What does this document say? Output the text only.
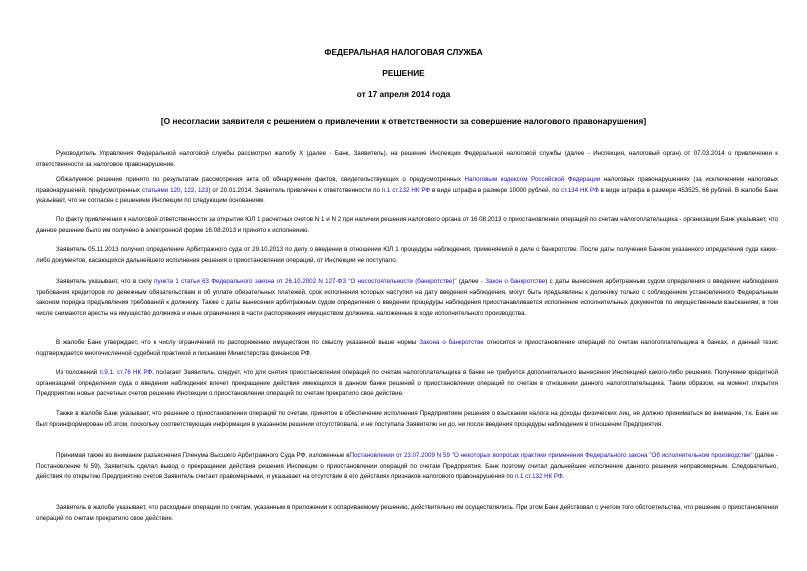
ФЕДЕРАЛЬНАЯ НАЛОГОВАЯ СЛУЖБА
РЕШЕНИЕ
от 17 апреля 2014 года
[О несогласии заявителя с решением о привлечении к ответственности за совершение налогового правонарушения]

Руководитель Управления Федеральной налоговой службы рассмотрел жалобу Х (далее - Банк, Заявитель), на решение Инспекции Федеральной налоговой службы (далее - Инспекция, налоговый орган) от 07.03.2014 о привлечении к ответственности за налоговое правонарушение.

Обжалуемое решение принято по результатам рассмотрения акта об обнаружении фактов, свидетельствующих о предусмотренных Налоговым кодексом Российской Федерации налоговых правонарушениях (за исключением налоговых правонарушений, предусмотренных статьями 120, 122, 123) от 20.01.2014. Заявитель привлечен к ответственности по п.1 ст.132 НК РФ в виде штрафа в размере 10000 рублей, по ст.134 НК РФ в виде штрафа в размере 453525, 66 рублей. В жалобе Банк указывает, что не согласен с решением Инспекции по следующим основаниям.

По факту привлечения к налоговой ответственности за открытие ЮЛ 1 расчетных счетов N 1 и N 2 при наличии решения налогового органа от 16.08.2013 о приостановлении операций по счетам налогоплательщика - организации Банк указывает, что данное решение было им получено в электронной форме 16.08.2013 и принято к исполнению.

Заявитель 05.11.2013 получил определение Арбитражного суда от 29.10.2013 по делу о введении в отношении ЮЛ 1 процедуры наблюдения, применяемой в деле о банкротстве. После даты получения Банком указанного определения суда каких-либо документов, касающихся дальнейшего исполнения решения о приостановлении операций, от Инспекции не поступало.

Заявитель указывает, что в силу пункта 1 статьи 63 Федерального закона от 26.10.2002 N 127-ФЗ "О несостоятельности (банкротстве)" (далее - Закон о банкротстве) с даты вынесения арбитражным судом определения о введении наблюдения требования кредиторов по денежным обязательствам и об уплате обязательных платежей, срок исполнения которых наступил на дату введения наблюдения, могут быть предъявлены к должнику только с соблюдением установленного Федеральным законом порядка предъявления требований к должнику. Также с даты вынесения арбитражным судом определения о введении процедуры наблюдения приостанавливается исполнение исполнительных документов по имущественным взысканиям, в том числе снимаются аресты на имущество должника и иные ограничения в части распоряжения имуществом должника, наложенные в ходе исполнительного производства.

В жалобе Банк утверждает, что к числу ограничений по распоряжению имуществом по смыслу указанной выше нормы Закона о банкротстве относится и приостановление операций по счетам налогоплательщика в банках, и данный тезис подтверждается многочисленной судебной практикой и письмами Министерства финансов РФ.

Из положений п.9.1. ст.76 НК РФ, полагает Заявитель, следует, что для снятия приостановления операций по счетам налогоплательщика в банке не требуется дополнительного вынесения Инспекцией какого-либо решения. Получение кредитной организацией определения суда о введении наблюдения влечет прекращение действия имеющихся в данном банке решений о приостановлении операций по счетам в отношении данного налогоплательщика. Таким образом, на момент открытия Предприятию новых расчетных счетов решение Инспекции о приостановлении операций по счетам прекратило свое действие.

Также в жалобе Банк указывает, что решение о приостановлении операций по счетам, принятое в обеспечение исполнения Предприятием решения о взыскании налога на доходы физических лиц, не должно приниматься во внимание, т.к. Банк не был проинформирован об этом, поскольку соответствующая информация в указанном решении отсутствовала, и не поступала Заявителю ни до, ни после введения процедуры наблюдения в отношении Предприятия.

Принимая также во внимание разъяснения Пленума Высшего Арбитражного Суда РФ, изложенные вПостановлении от 23.07.2009 N 59 "О некоторых вопросах практики применения Федерального закона "Об исполнительном производстве" (далее - Постановление N 59), Заявитель сделал вывод о прекращении действия решения Инспекции о приостановлении операций по счетам Предприятия. Банк поэтому считал дальнейшее исполнение данного решения неправомерным. Следовательно, действия по открытию Предприятию счетов Заявитель считает правомерными, и указывает на отсутствие в его действиях признаков налогового правонарушения по п.1 ст.132 НК РФ.

Заявитель в жалобе указывает, что расходные операции по счетам, указанным в приложении к оспариваемому решению, действительно им осуществлялись. При этом Банк действовал с учетом того обстоятельства, что решение о приостановлении операций по счетам прекратило свое действие.
